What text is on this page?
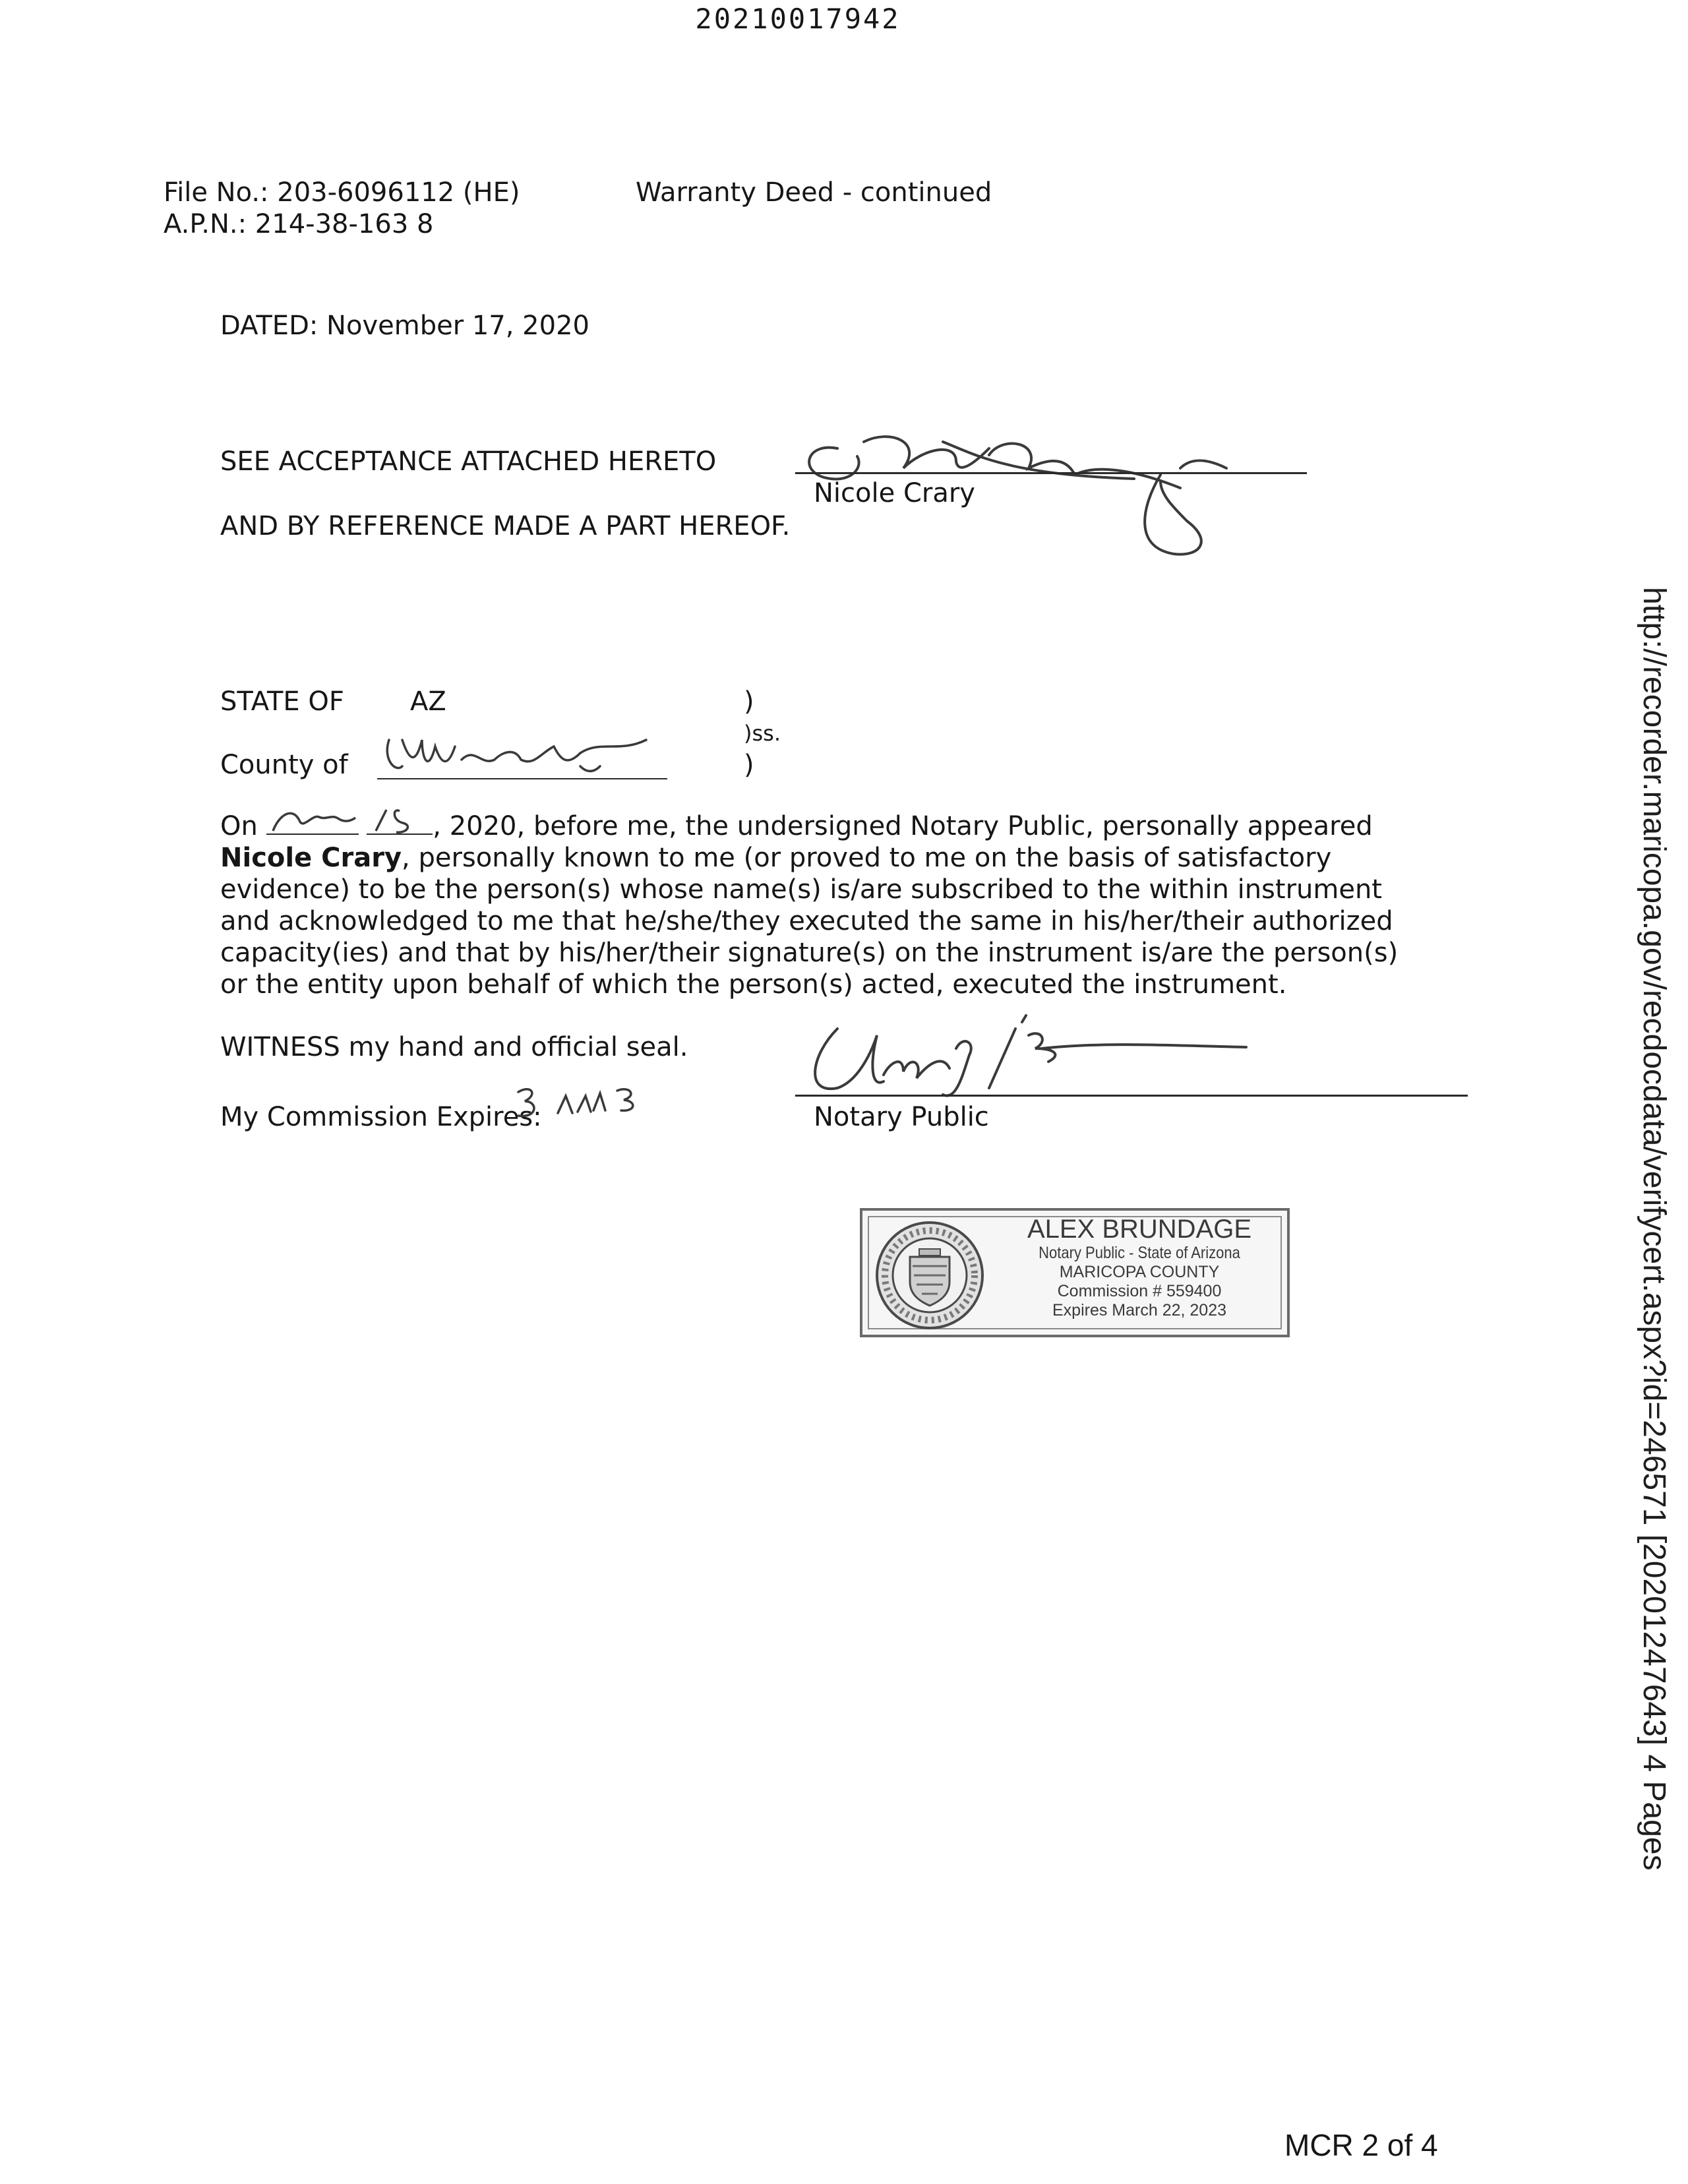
20210017942
File No.: 203-6096112 (HE)
A.P.N.: 214-38-163 8
Warranty Deed - continued
DATED: November 17, 2020
SEE ACCEPTANCE ATTACHED HERETO
AND BY REFERENCE MADE A PART HEREOF.
Nicole Crary
STATE OF	AZ	)
)ss.
)
County of

On
	, 2020, before me, the undersigned Notary Public, personally appeared Nicole Crary, personally known to me (or proved to me on the basis of satisfactory evidence) to be the person(s) whose name(s) is/are subscribed to the within instrument and acknowledged to me that he/she/they executed the same in his/her/their authorized capacity(ies) and that by his/her/their signature(s) on the instrument is/are the person(s) or the entity upon behalf of which the person(s) acted, executed the instrument.

WITNESS my hand and official seal.
My Commission Expires:	Notary Public
ALEX BRUNDAGE
Notary Public - State of Arizona
MARICOPA COUNTY
Commission # 559400
Expires March 22, 2023	http://recorder.maricopa.gov/recdocdata/verifycert.aspx?id=246571 [20201247643] 4 Pages
MCR 2 of 4
